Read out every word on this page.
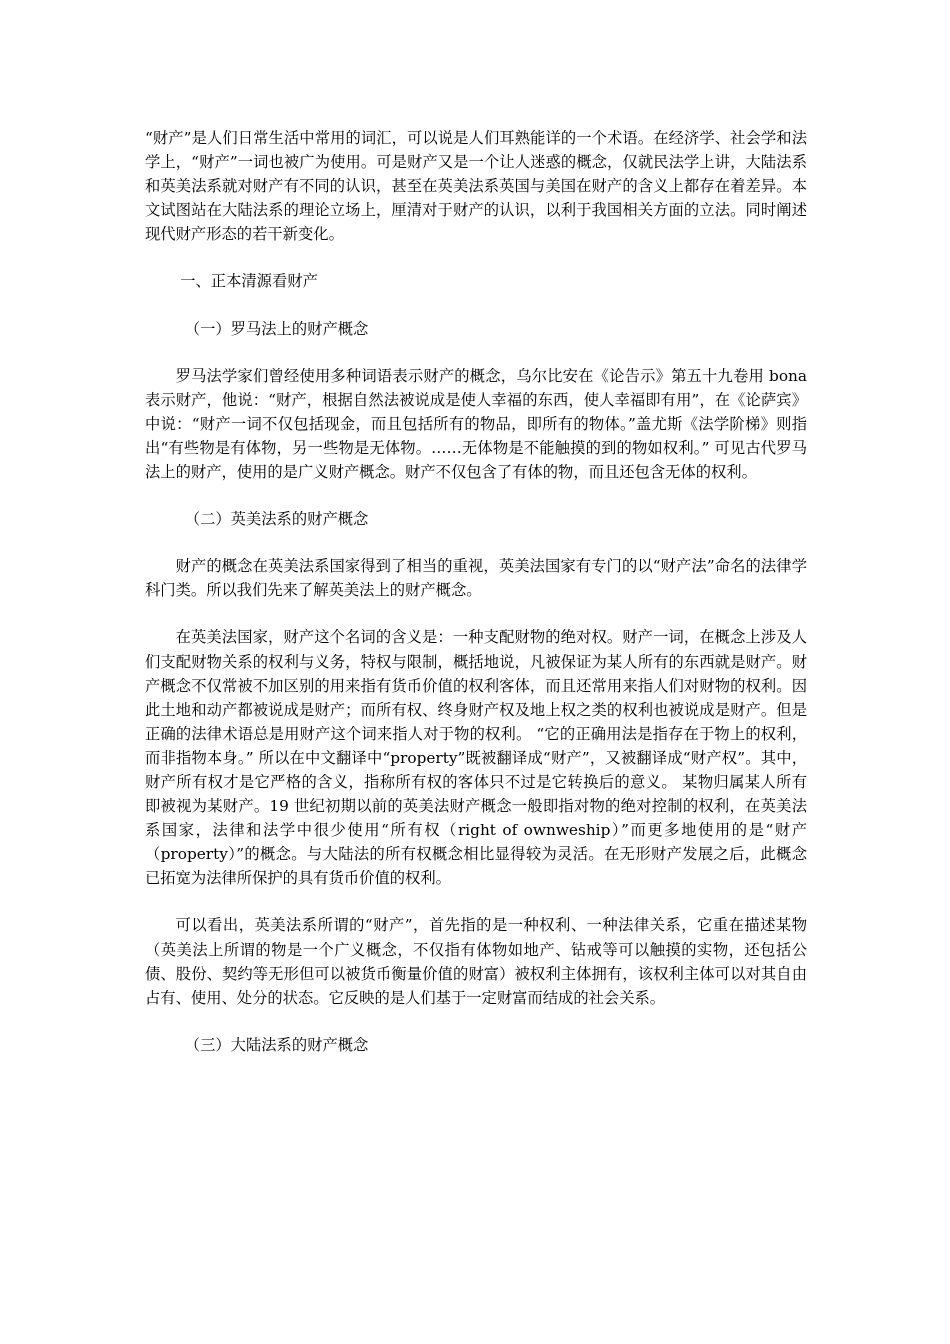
“财产”是人们日常生活中常用的词汇，可以说是人们耳熟能详的一个术语。在经济学、社会学和法学上，“财产”一词也被广为使用。可是财产又是一个让人迷惑的概念，仅就民法学上讲，大陆法系和英美法系就对财产有不同的认识，甚至在英美法系英国与美国在财产的含义上都存在着差异。本文试图站在大陆法系的理论立场上，厘清对于财产的认识，以利于我国相关方面的立法。同时阐述现代财产形态的若干新变化。

一、正本清源看财产

（一）罗马法上的财产概念

罗马法学家们曾经使用多种词语表示财产的概念，乌尔比安在《论告示》第五十九卷用 bona 表示财产，他说：“财产，根据自然法被说成是使人幸福的东西，使人幸福即有用”，在《论萨宾》中说：“财产一词不仅包括现金，而且包括所有的物品，即所有的物体。”盖尤斯《法学阶梯》则指出“有些物是有体物，另一些物是无体物。……无体物是不能触摸的到的物如权利。” 可见古代罗马法上的财产，使用的是广义财产概念。财产不仅包含了有体的物，而且还包含无体的权利。

（二）英美法系的财产概念

财产的概念在英美法系国家得到了相当的重视，英美法国家有专门的以“财产法”命名的法律学科门类。所以我们先来了解英美法上的财产概念。

在英美法国家，财产这个名词的含义是：一种支配财物的绝对权。财产一词，在概念上涉及人们支配财物关系的权利与义务，特权与限制，概括地说，凡被保证为某人所有的东西就是财产。财产概念不仅常被不加区别的用来指有货币价值的权利客体，而且还常用来指人们对财物的权利。因此土地和动产都被说成是财产；而所有权、终身财产权及地上权之类的权利也被说成是财产。但是正确的法律术语总是用财产这个词来指人对于物的权利。 “它的正确用法是指存在于物上的权利，而非指物本身。” 所以在中文翻译中“property”既被翻译成“财产”，又被翻译成“财产权”。其中，财产所有权才是它严格的含义，指称所有权的客体只不过是它转换后的意义。 某物归属某人所有即被视为某财产。19 世纪初期以前的英美法财产概念一般即指对物的绝对控制的权利，在英美法系国家，法律和法学中很少使用“所有权（right of ownweship）”而更多地使用的是“财产（property）”的概念。与大陆法的所有权概念相比显得较为灵活。在无形财产发展之后，此概念已拓宽为法律所保护的具有货币价值的权利。

可以看出，英美法系所谓的“财产”，首先指的是一种权利、一种法律关系，它重在描述某物（英美法上所谓的物是一个广义概念，不仅指有体物如地产、钻戒等可以触摸的实物，还包括公债、股份、契约等无形但可以被货币衡量价值的财富）被权利主体拥有，该权利主体可以对其自由占有、使用、处分的状态。它反映的是人们基于一定财富而结成的社会关系。

（三）大陆法系的财产概念
